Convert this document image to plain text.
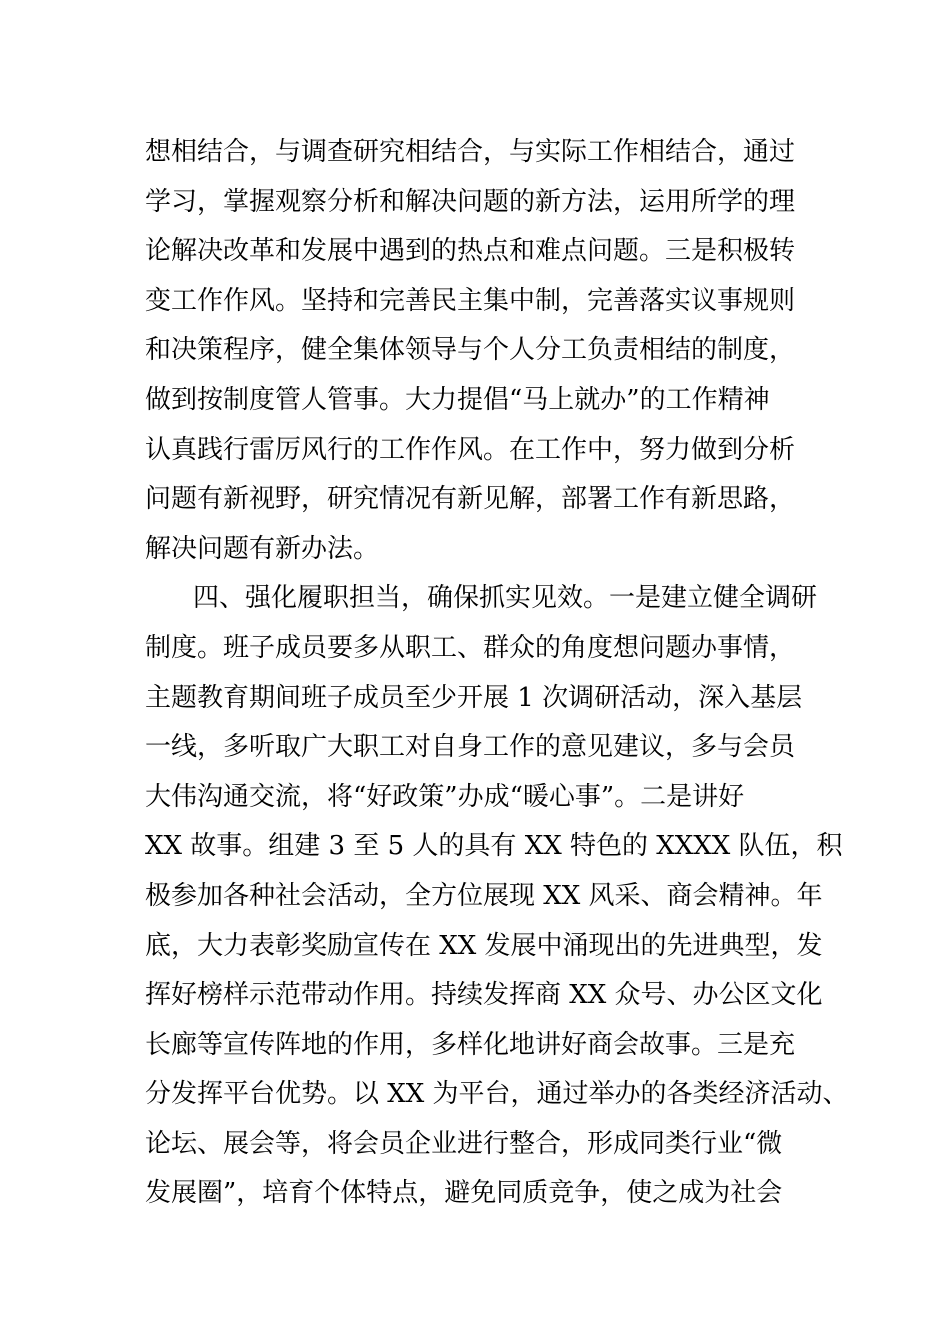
想相结合，与调查研究相结合，与实际工作相结合，通过
学习，掌握观察分析和解决问题的新方法，运用所学的理
论解决改革和发展中遇到的热点和难点问题。三是积极转
变工作作风。坚持和完善民主集中制，完善落实议事规则
和决策程序，健全集体领导与个人分工负责相结的制度，
做到按制度管人管事。大力提倡“马上就办”的工作精神
认真践行雷厉风行的工作作风。在工作中，努力做到分析
问题有新视野，研究情况有新见解，部署工作有新思路，
解决问题有新办法。
四、强化履职担当，确保抓实见效。一是建立健全调研
制度。班子成员要多从职工、群众的角度想问题办事情，
主题教育期间班子成员至少开展 1 次调研活动，深入基层
一线，多听取广大职工对自身工作的意见建议，多与会员
大伟沟通交流，将“好政策”办成“暖心事”。二是讲好
XX 故事。组建 3 至 5 人的具有 XX 特色的 XXXX 队伍，积
极参加各种社会活动，全方位展现 XX 风采、商会精神。年
底，大力表彰奖励宣传在 XX 发展中涌现出的先进典型，发
挥好榜样示范带动作用。持续发挥商 XX 众号、办公区文化
长廊等宣传阵地的作用，多样化地讲好商会故事。三是充
分发挥平台优势。以 XX 为平台，通过举办的各类经济活动、
论坛、展会等，将会员企业进行整合，形成同类行业“微
发展圈”，培育个体特点，避免同质竞争，使之成为社会
